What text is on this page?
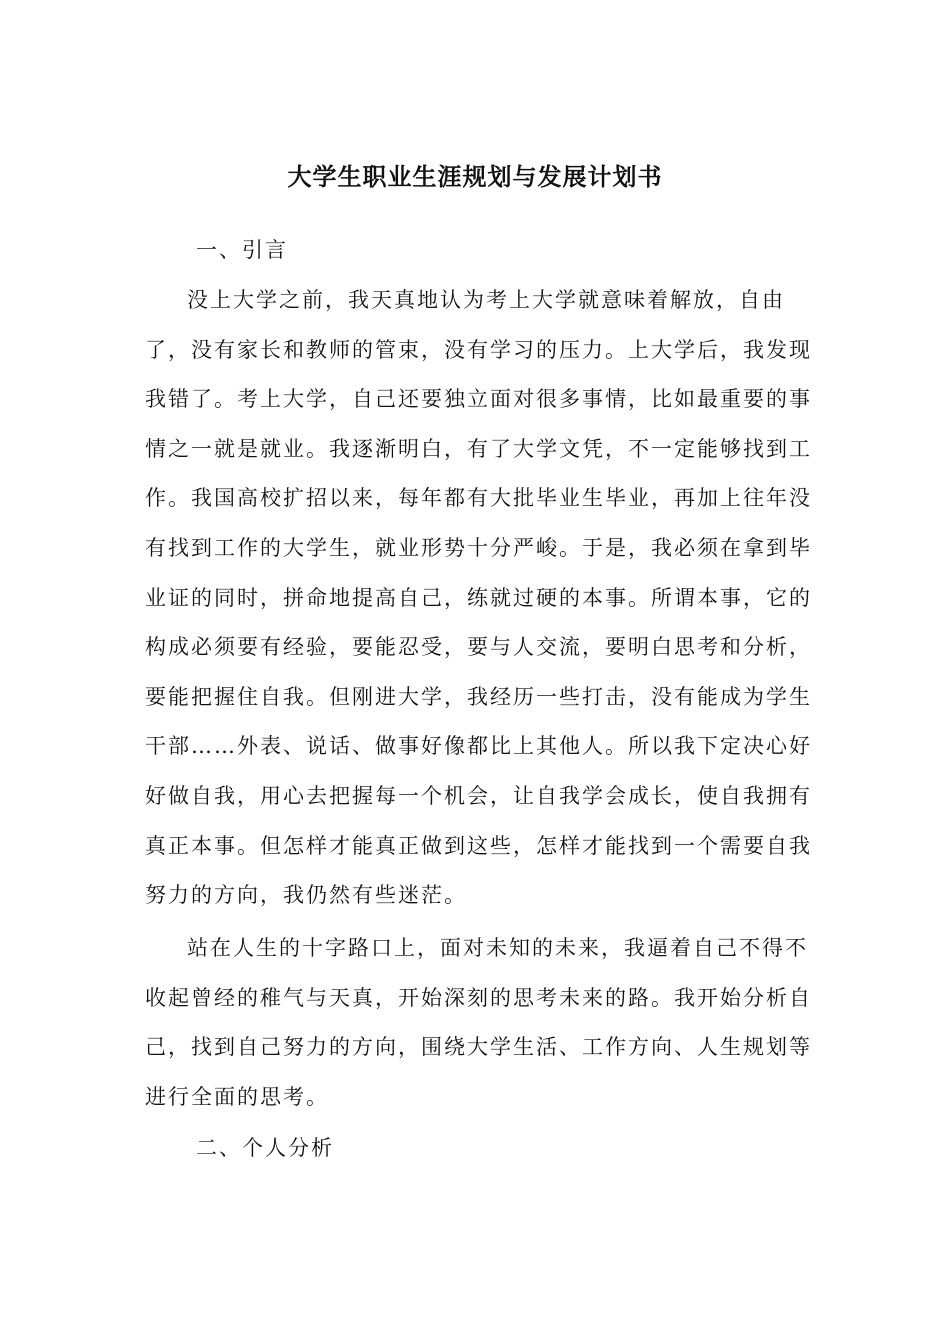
大学生职业生涯规划与发展计划书
一、引言

没上大学之前，我天真地认为考上大学就意味着解放，自由了，没有家长和教师的管束，没有学习的压力。上大学后，我发现我错了。考上大学，自己还要独立面对很多事情，比如最重要的事情之一就是就业。我逐渐明白，有了大学文凭，不一定能够找到工作。我国高校扩招以来，每年都有大批毕业生毕业，再加上往年没有找到工作的大学生，就业形势十分严峻。于是，我必须在拿到毕业证的同时，拼命地提高自己，练就过硬的本事。所谓本事，它的构成必须要有经验，要能忍受，要与人交流，要明白思考和分析，要能把握住自我。但刚进大学，我经历一些打击，没有能成为学生干部……外表、说话、做事好像都比上其他人。所以我下定决心好好做自我，用心去把握每一个机会，让自我学会成长，使自我拥有真正本事。但怎样才能真正做到这些，怎样才能找到一个需要自我努力的方向，我仍然有些迷茫。

站在人生的十字路口上，面对未知的未来，我逼着自己不得不收起曾经的稚气与天真，开始深刻的思考未来的路。我开始分析自己，找到自己努力的方向，围绕大学生活、工作方向、人生规划等进行全面的思考。

二、个人分析
